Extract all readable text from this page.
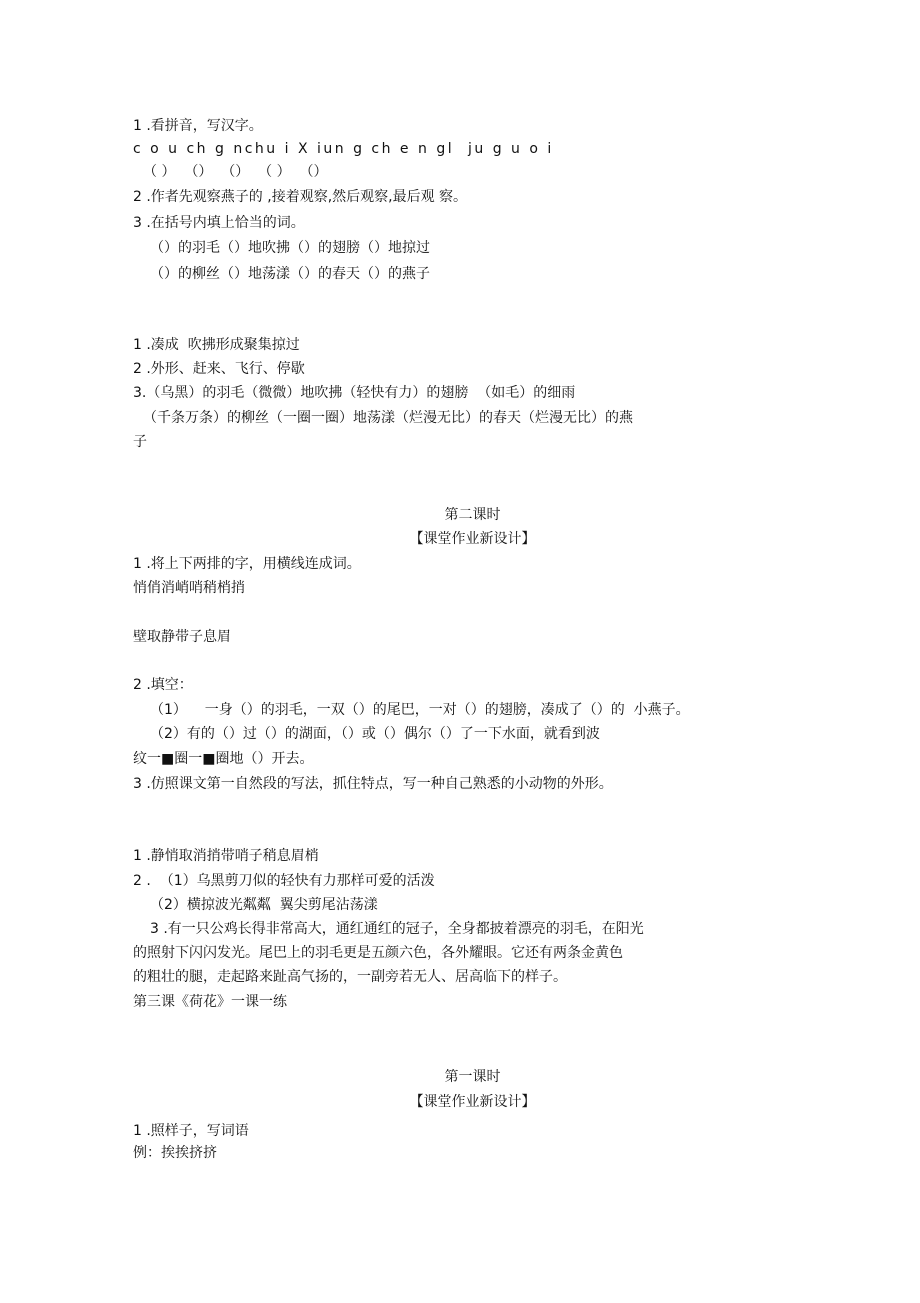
1 .看拼音，写汉字。

c o u ch g nchu i X iun g ch e n gl  ju g u o i

（ ）  （）  （）  （ ）  （）

2 .作者先观察燕子的 ,接着观察,然后观察,最后观 察。

3 .在括号内填上恰当的词。

（）的羽毛（）地吹拂（）的翅膀（）地掠过

（）的柳丝（）地荡漾（）的春天（）的燕子

1 .凑成  吹拂形成聚集掠过

2 .外形、赶来、飞行、停歇

3.（乌黑）的羽毛（微微）地吹拂（轻快有力）的翅膀  （如毛）的细雨

（千条万条）的柳丝（一圈一圈）地荡漾（烂漫无比）的春天（烂漫无比）的燕

子

第二课时

【课堂作业新设计】

1 .将上下两排的字，用横线连成词。

悄俏消峭哨稍梢捎

壁取静带子息眉

2 .填空：

（1）    一身（）的羽毛，一双（）的尾巴，一对（）的翅膀，凑成了（）的  小燕子。

（2）有的（）过（）的湖面，（）或（）偶尔（）了一下水面，就看到波

纹一■圈一■圈地（）开去。

3 .仿照课文第一自然段的写法，抓住特点，写一种自己熟悉的小动物的外形。

1 .静悄取消捎带哨子稍息眉梢

2 .  （1）乌黑剪刀似的轻快有力那样可爱的活泼

（2）横掠波光粼粼  翼尖剪尾沾荡漾

3 .有一只公鸡长得非常高大，通红通红的冠子，全身都披着漂亮的羽毛，在阳光

的照射下闪闪发光。尾巴上的羽毛更是五颜六色，各外耀眼。它还有两条金黄色

的粗壮的腿，走起路来趾高气扬的，一副旁若无人、居高临下的样子。

第三课《荷花》一课一练

第一课时

【课堂作业新设计】

1 .照样子，写词语

例：挨挨挤挤
